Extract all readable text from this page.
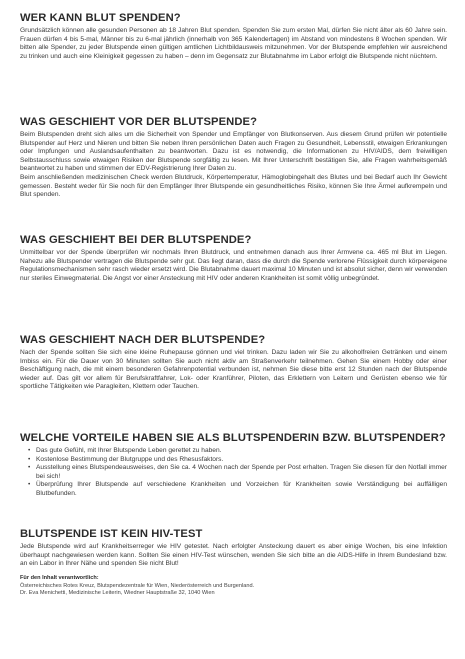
WER KANN BLUT SPENDEN?

Grundsätzlich können alle gesunden Personen ab 18 Jahren Blut spenden. Spenden Sie zum ersten Mal, dürfen Sie nicht älter als 60 Jahre sein. Frauen dürfen 4 bis 5-mal, Männer bis zu 6-mal jährlich (innerhalb von 365 Kalendertagen) im Abstand von mindestens 8 Wochen spenden. Wir bitten alle Spender, zu jeder Blutspende einen gültigen amtlichen Lichtbildausweis mitzunehmen. Vor der Blutspende empfehlen wir ausreichend zu trinken und auch eine Kleinigkeit gegessen zu haben – denn im Gegensatz zur Blutabnahme im Labor erfolgt die Blutspende nicht nüchtern.

WAS GESCHIEHT VOR DER BLUTSPENDE?

Beim Blutspenden dreht sich alles um die Sicherheit von Spender und Empfänger von Blutkonserven. Aus diesem Grund prüfen wir potentielle Blutspender auf Herz und Nieren und bitten Sie neben Ihren persönlichen Daten auch Fragen zu Gesundheit, Lebensstil, etwaigen Erkrankungen oder Impfungen und Auslandsaufenthalten zu beantworten. Dazu ist es notwendig, die Informationen zu HIV/AIDS, dem freiwilligen Selbstausschluss sowie etwaigen Risiken der Blutspende sorgfältig zu lesen. Mit Ihrer Unterschrift bestätigen Sie, alle Fragen wahrheitsgemäß beantwortet zu haben und stimmen der EDV-Registrierung Ihrer Daten zu.

Beim anschließenden medizinischen Check werden Blutdruck, Körpertemperatur, Hämoglobingehalt des Blutes und bei Bedarf auch Ihr Gewicht gemessen. Besteht weder für Sie noch für den Empfänger Ihrer Blutspende ein gesundheitliches Risiko, können Sie Ihre Ärmel aufkrempeln und Blut spenden.

WAS GESCHIEHT BEI DER BLUTSPENDE?

Unmittelbar vor der Spende überprüfen wir nochmals Ihren Blutdruck, und entnehmen danach aus Ihrer Armvene ca. 465 ml Blut im Liegen. Nahezu alle Blutspender vertragen die Blutspende sehr gut. Das liegt daran, dass die durch die Spende verlorene Flüssigkeit durch körpereigene Regulationsmechanismen sehr rasch wieder ersetzt wird. Die Blutabnahme dauert maximal 10 Minuten und ist absolut sicher, denn wir verwenden nur steriles Einwegmaterial. Die Angst vor einer Ansteckung mit HIV oder anderen Krankheiten ist somit völlig unbegründet.

WAS GESCHIEHT NACH DER BLUTSPENDE?

Nach der Spende sollten Sie sich eine kleine Ruhepause gönnen und viel trinken. Dazu laden wir Sie zu alkoholfreien Getränken und einem Imbiss ein. Für die Dauer von 30 Minuten sollten Sie auch nicht aktiv am Straßenverkehr teilnehmen. Gehen Sie einem Hobby oder einer Beschäftigung nach, die mit einem besonderen Gefahrenpotential verbunden ist, nehmen Sie diese bitte erst 12 Stunden nach der Blutspende wieder auf. Das gilt vor allem für Berufskraftfahrer, Lok- oder Kranführer, Piloten, das Erklettern von Leitern und Gerüsten ebenso wie für sportliche Tätigkeiten wie Paragleiten, Klettern oder Tauchen.

WELCHE VORTEILE HABEN SIE ALS BLUTSPENDERIN BZW. BLUTSPENDER?
• Das gute Gefühl, mit Ihrer Blutspende Leben gerettet zu haben.
• Kostenlose Bestimmung der Blutgruppe und des Rhesusfaktors.
• Ausstellung eines Blutspendeausweises, den Sie ca. 4 Wochen nach der Spende per Post erhalten. Tragen Sie diesen für den Notfall immer bei sich!
• Überprüfung Ihrer Blutspende auf verschiedene Krankheiten und Vorzeichen für Krankheiten sowie Verständigung bei auffälligen Blutbefunden.
BLUTSPENDE IST KEIN HIV-TEST

Jede Blutspende wird auf Krankheitserreger wie HIV getestet. Nach erfolgter Ansteckung dauert es aber einige Wochen, bis eine Infektion überhaupt nachgewiesen werden kann. Sollten Sie einen HIV-Test wünschen, wenden Sie sich bitte an die AIDS-Hilfe in Ihrem Bundesland bzw. an ein Labor in Ihrer Nähe und spenden Sie nicht Blut!

Für den Inhalt verantwortlich:
Österreichisches Rotes Kreuz, Blutspendezentrale für Wien, Niederösterreich und Burgenland.
Dr. Eva Menichetti, Medizinische Leiterin, Wiedner Hauptstraße 32, 1040 Wien
